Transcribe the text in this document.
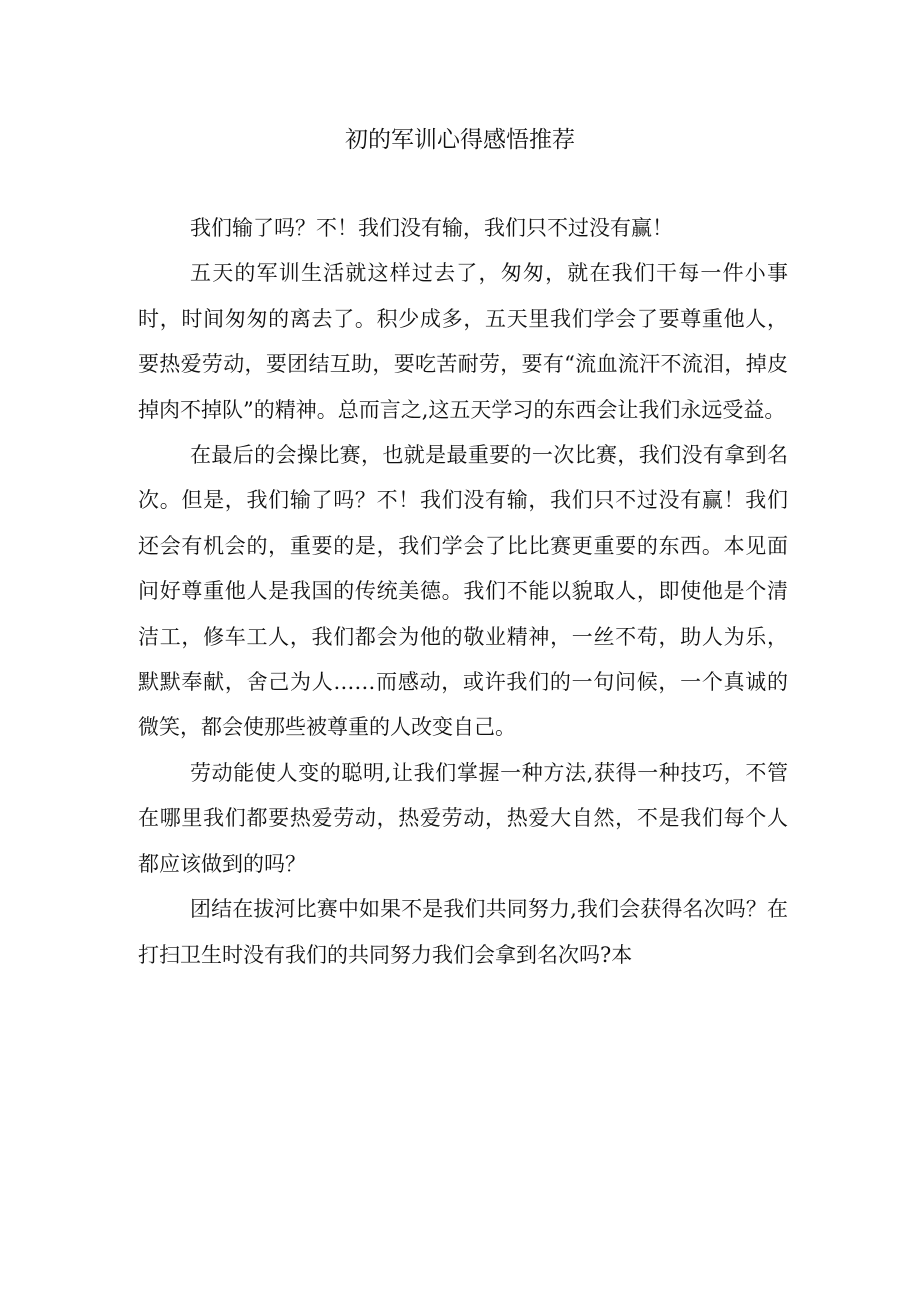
初的军训心得感悟推荐

我们输了吗？不！我们没有输，我们只不过没有赢！

五天的军训生活就这样过去了，匆匆，就在我们干每一件小事时，时间匆匆的离去了。积少成多，五天里我们学会了要尊重他人，要热爱劳动，要团结互助，要吃苦耐劳，要有“流血流汗不流泪，掉皮掉肉不掉队”的精神。总而言之,这五天学习的东西会让我们永远受益。

在最后的会操比赛，也就是最重要的一次比赛，我们没有拿到名次。但是，我们输了吗？不！我们没有输，我们只不过没有赢！我们还会有机会的，重要的是，我们学会了比比赛更重要的东西。本见面问好尊重他人是我国的传统美德。我们不能以貌取人，即使他是个清洁工，修车工人，我们都会为他的敬业精神，一丝不苟，助人为乐，默默奉献，舍己为人……而感动，或许我们的一句问候，一个真诚的微笑，都会使那些被尊重的人改变自己。

劳动能使人变的聪明,让我们掌握一种方法,获得一种技巧，不管在哪里我们都要热爱劳动，热爱劳动，热爱大自然，不是我们每个人都应该做到的吗？

团结在拔河比赛中如果不是我们共同努力,我们会获得名次吗？在打扫卫生时没有我们的共同努力我们会拿到名次吗?本
